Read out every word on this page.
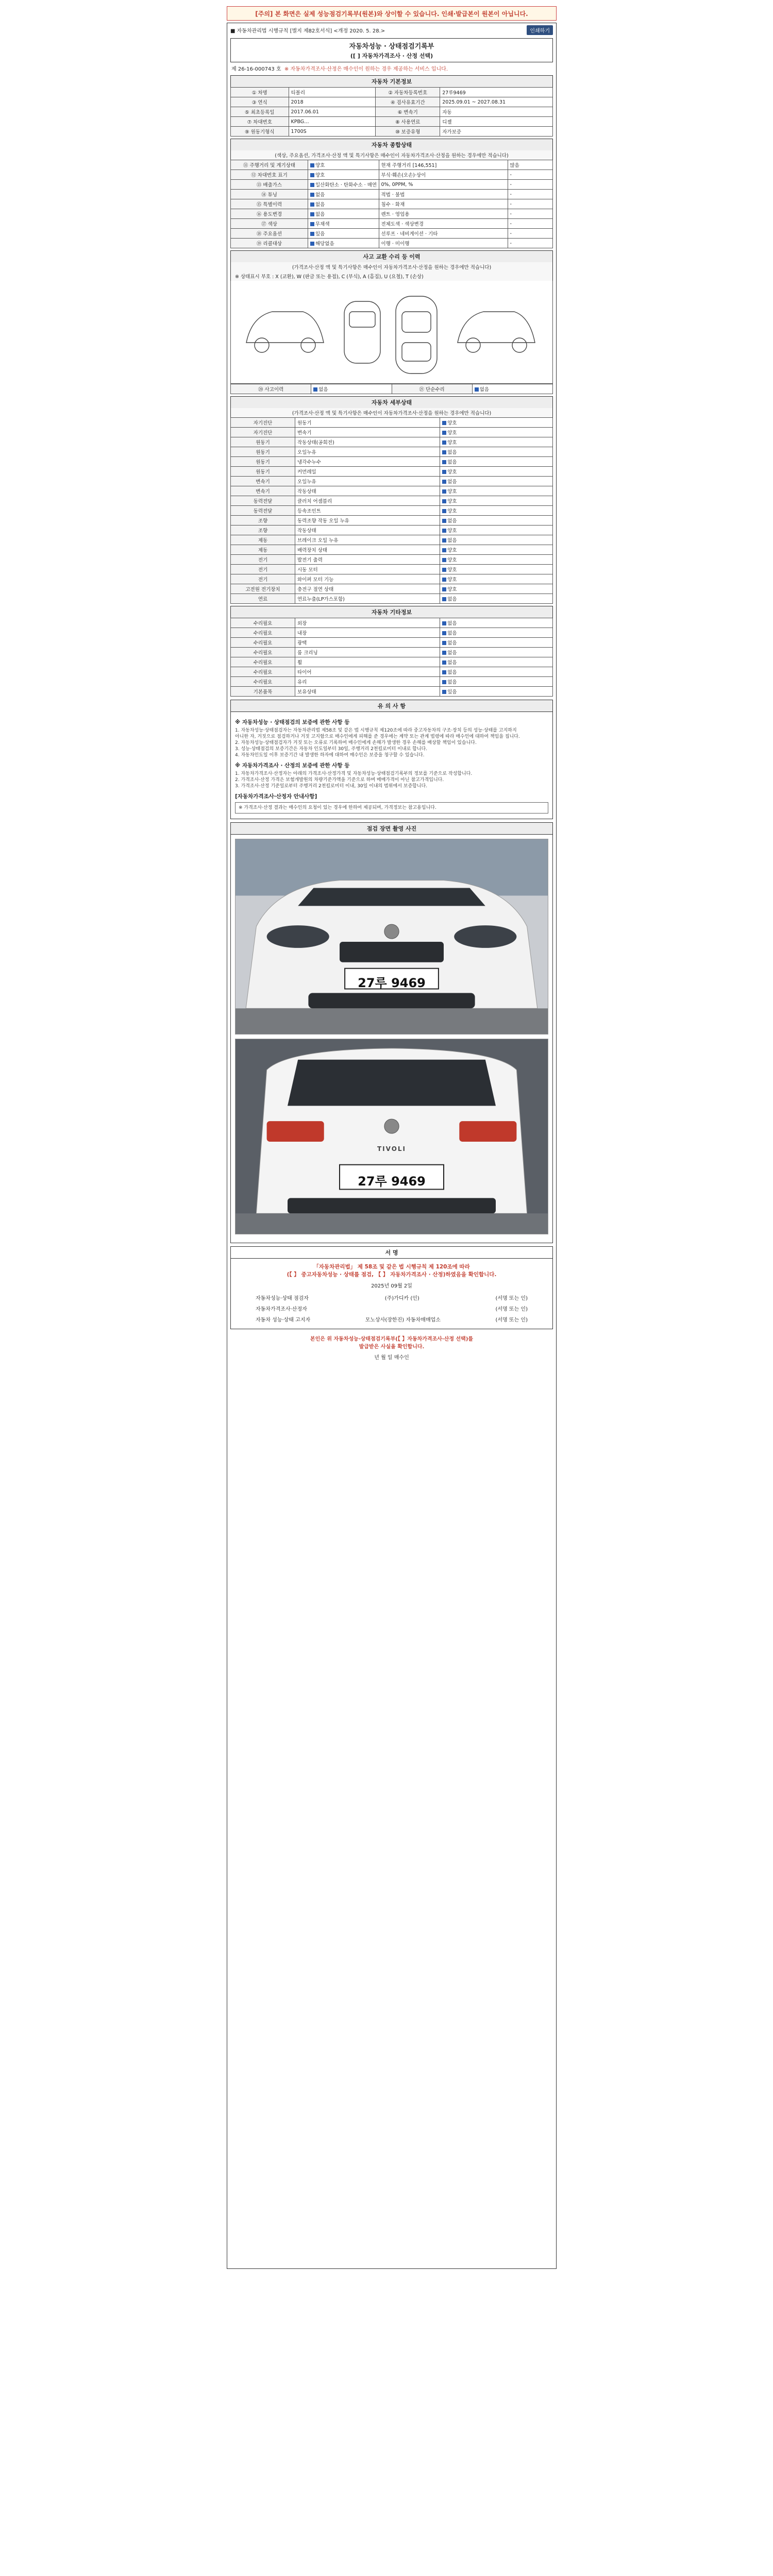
[주의] 본 화면은 실제 성능점검기록부(원본)와 상이할 수 있습니다. 인쇄·발급본이 원본이 아닙니다.
■ 자동차관리법 시행규칙 [별지 제82호서식] <개정 2020. 5. 28.>	인쇄하기
자동차성능 · 상태점검기록부
([ ] 자동차가격조사 · 산정 선택)
제 26-16-000743 호 ※ 자동차가격조사·산정은 매수인이 원하는 경우 제공하는 서비스 입니다.
자동차 기본정보
① 차명	티볼리	② 자동차등록번호	27루9469
③ 연식	2018	④ 검사유효기간	2025.09.01 ~ 2027.08.31
⑤ 최초등록일	2017.06.01	⑥ 변속기	자동
⑦ 차대번호	KPBG…	⑧ 사용연료	디젤
⑨ 원동기형식	1700S	⑩ 보증유형	자가보증
자동차 종합상태
(색상, 주요옵션, 가격조사·산정 액 및 특기사항은 매수인이 자동차가격조사·산정을 원하는 경우에만 적습니다)
⑪ 주행거리 및 계기상태	양호	현재 주행거리 [146,551]	많음
⑫ 차대번호 표기	양호	부식·훼손(오손)·상이	-
⑬ 배출가스	일산화탄소 · 탄화수소 · 매연	0%, 0PPM, %	-
⑭ 튜닝	없음	적법 · 불법	-
⑮ 특별이력	없음	침수 · 화재	-
⑯ 용도변경	없음	렌트 · 영업용	-
⑰ 색상	무채색	전체도색 · 색상변경	-
⑱ 주요옵션	있음	선루프 · 네비게이션 · 기타	-
⑲ 리콜대상	해당없음	이행 · 미이행	-
사고 교환 수리 등 이력
(가격조사·산정 액 및 특기사항은 매수인이 자동차가격조사·산정을 원하는 경우에만 적습니다)
※ 상태표시 부호 : X (교환), W (판금 또는 용접), C (부식), A (흠집), U (요철), T (손상)
⑳ 사고이력	없음	㉑ 단순수리	없음
자동차 세부상태
(가격조사·산정 액 및 특기사항은 매수인이 자동차가격조사·산정을 원하는 경우에만 적습니다)
자기진단	원동기	양호
자기진단	변속기	양호
원동기	작동상태(공회전)	양호
원동기	오일누유	없음
원동기	냉각수누수	없음
원동기	커먼레일	양호
변속기	오일누유	없음
변속기	작동상태	양호
동력전달	클러치 어셈블리	양호
동력전달	등속조인트	양호
조향	동력조향 작동 오일 누유	없음
조향	작동상태	양호
제동	브레이크 오일 누유	없음
제동	배력장치 상태	양호
전기	발전기 출력	양호
전기	시동 모터	양호
전기	와이퍼 모터 기능	양호
고전원 전기장치	충전구 절연 상태	양호
연료	연료누출(LP가스포함)	없음
자동차 기타정보
수리필요	외장	없음
수리필요	내장	없음
수리필요	광택	없음
수리필요	룸 크리닝	없음
수리필요	휠	없음
수리필요	타이어	없음
수리필요	유리	없음
기본품목	보유상태	있음
유 의 사 항
※ 자동차성능 · 상태점검의 보증에 관한 사항 등
1. 자동차성능·상태점검자는 자동차관리법 제58조 및 같은 법 시행규칙 제120조에 따라 중고자동차의 구조·장치 등의 성능·상태를 고지하지
아니한 자, 거짓으로 점검하거나 거짓 고지함으로 매수인에게 피해를 준 경우에는 계약 또는 관계 법령에 따라 매수인에 대하여 책임을 집니다.
2. 자동차성능·상태점검자가 거짓 또는 오류로 기록하여 매수인에게 손해가 발생한 경우 손해를 배상할 책임이 있습니다.
3. 성능·상태점검의 보증기간은 자동차 인도일부터 30일, 주행거리 2천킬로미터 이내로 합니다.
4. 자동차인도일 이후 보증기간 내 발생한 하자에 대하여 매수인은 보증을 청구할 수 있습니다.
※ 자동차가격조사 · 산정의 보증에 관한 사항 등
1. 자동차가격조사·산정자는 아래의 가격조사·산정가격 및 자동차성능·상태점검기록부의 정보를 기준으로 작성합니다.
2. 가격조사·산정 가격은 보험개발원의 차량기준가액을 기준으로 하며 매매가격이 아닌 참고가격입니다.
3. 가격조사·산정 기준일로부터 주행거리 2천킬로미터 이내, 30일 이내의 범위에서 보증합니다.
[자동차가격조사·산정자 안내사항]
※ 가격조사·산정 결과는 매수인의 요청이 있는 경우에 한하여 제공되며, 가격정보는 참고용입니다.
점검 장면 촬영 사진
27루 9469
TIVOLI
27루 9469
서 명
「자동차관리법」 제 58조 및 같은 법 시행규칙 제 120조에 따라
(【 】 중고자동차성능 · 상태를 점검, 【 】 자동차가격조사 · 산정)하였음을 확인합니다.
2025년 09월 2일
자동차성능·상태 점검자	(주)가디카 (인)	(서명 또는 인)
자동차가격조사·산정자	(서명 또는 인)
자동차 성능·상태 고지자	모노상사(장한진) 자동차매매업소	(서명 또는 인)
본인은 위 자동차성능·상태점검기록부(【 】자동차가격조사·산정 선택)를
발급받은 사실을 확인합니다.
년 월 일 매수인
